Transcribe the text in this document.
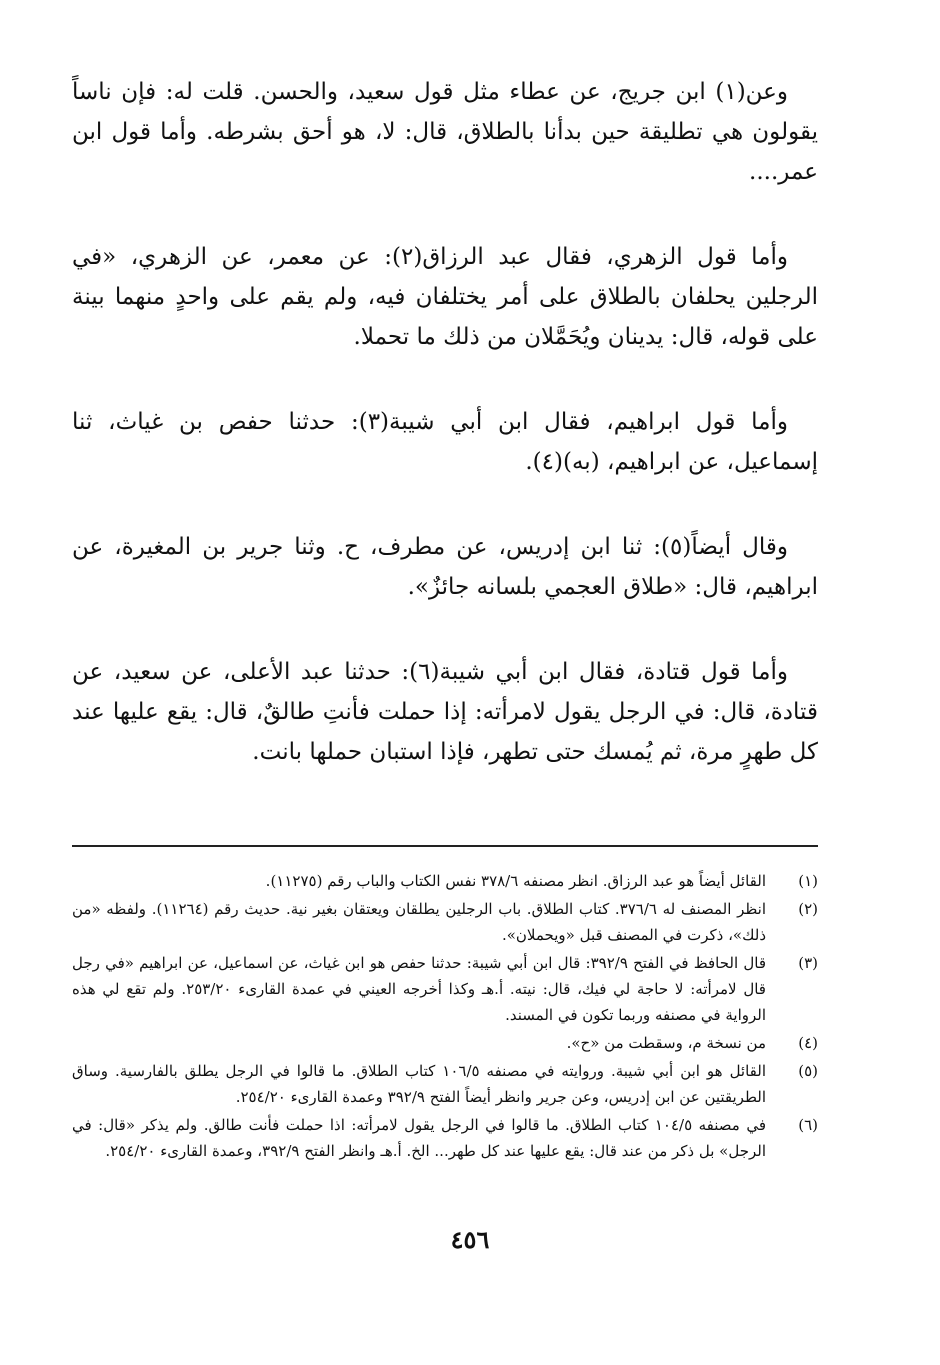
وعن(١) ابن جريج، عن عطاء مثل قول سعيد، والحسن. قلت له: فإن ناساً يقولون هي تطليقة حين بدأنا بالطلاق، قال: لا، هو أحق بشرطه. وأما قول ابن عمر....

وأما قول الزهري، فقال عبد الرزاق(٢): عن معمر، عن الزهري، «في الرجلين يحلفان بالطلاق على أمر يختلفان فيه، ولم يقم على واحدٍ منهما بينة على قوله، قال: يدينان ويُحَمَّلان من ذلك ما تحملا.

وأما قول ابراهيم، فقال ابن أبي شيبة(٣): حدثنا حفص بن غياث، ثنا إسماعيل، عن ابراهيم، (به)(٤).

وقال أيضاً(٥): ثنا ابن إدريس، عن مطرف، ح. وثنا جرير بن المغيرة، عن ابراهيم، قال: «طلاق العجمي بلسانه جائزٌ».

وأما قول قتادة، فقال ابن أبي شيبة(٦): حدثنا عبد الأعلى، عن سعيد، عن قتادة، قال: في الرجل يقول لامرأته: إذا حملت فأنتِ طالقٌ، قال: يقع عليها عند كل طهرٍ مرة، ثم يُمسك حتى تطهر، فإذا استبان حملها بانت.

(١)
القائل أيضاً هو عبد الرزاق. انظر مصنفه ٣٧٨/٦ نفس الكتاب والباب رقم (١١٢٧٥).
(٢)
انظر المصنف له ٣٧٦/٦. كتاب الطلاق. باب الرجلين يطلقان ويعتقان بغير نية. حديث رقم (١١٢٦٤). ولفظه «من ذلك»، ذكرت في المصنف قبل «ويحملان».
(٣)
قال الحافظ في الفتح ٣٩٢/٩: قال ابن أبي شيبة: حدثنا حفص هو ابن غياث، عن اسماعيل، عن ابراهيم «في رجل قال لامرأته: لا حاجة لي فيك، قال: نيته. أ.هـ وكذا أخرجه العيني في عمدة القارىء ٢٥٣/٢٠. ولم تقع لي هذه الرواية في مصنفه وربما تكون في المسند.
(٤)
من نسخة م، وسقطت من «ح».
(٥)
القائل هو ابن أبي شيبة. وروايته في مصنفه ١٠٦/٥ كتاب الطلاق. ما قالوا في الرجل يطلق بالفارسية. وساق الطريقتين عن ابن إدريس، وعن جرير وانظر أيضاً الفتح ٣٩٢/٩ وعمدة القارىء ٢٥٤/٢٠.
(٦)
في مصنفه ١٠٤/٥ كتاب الطلاق. ما قالوا في الرجل يقول لامرأته: اذا حملت فأنت طالق. ولم يذكر «قال: في الرجل» بل ذكر من عند قال: يقع عليها عند كل طهر... الخ. أ.هـ وانظر الفتح ٣٩٢/٩، وعمدة القارىء ٢٥٤/٢٠.
٤٥٦
